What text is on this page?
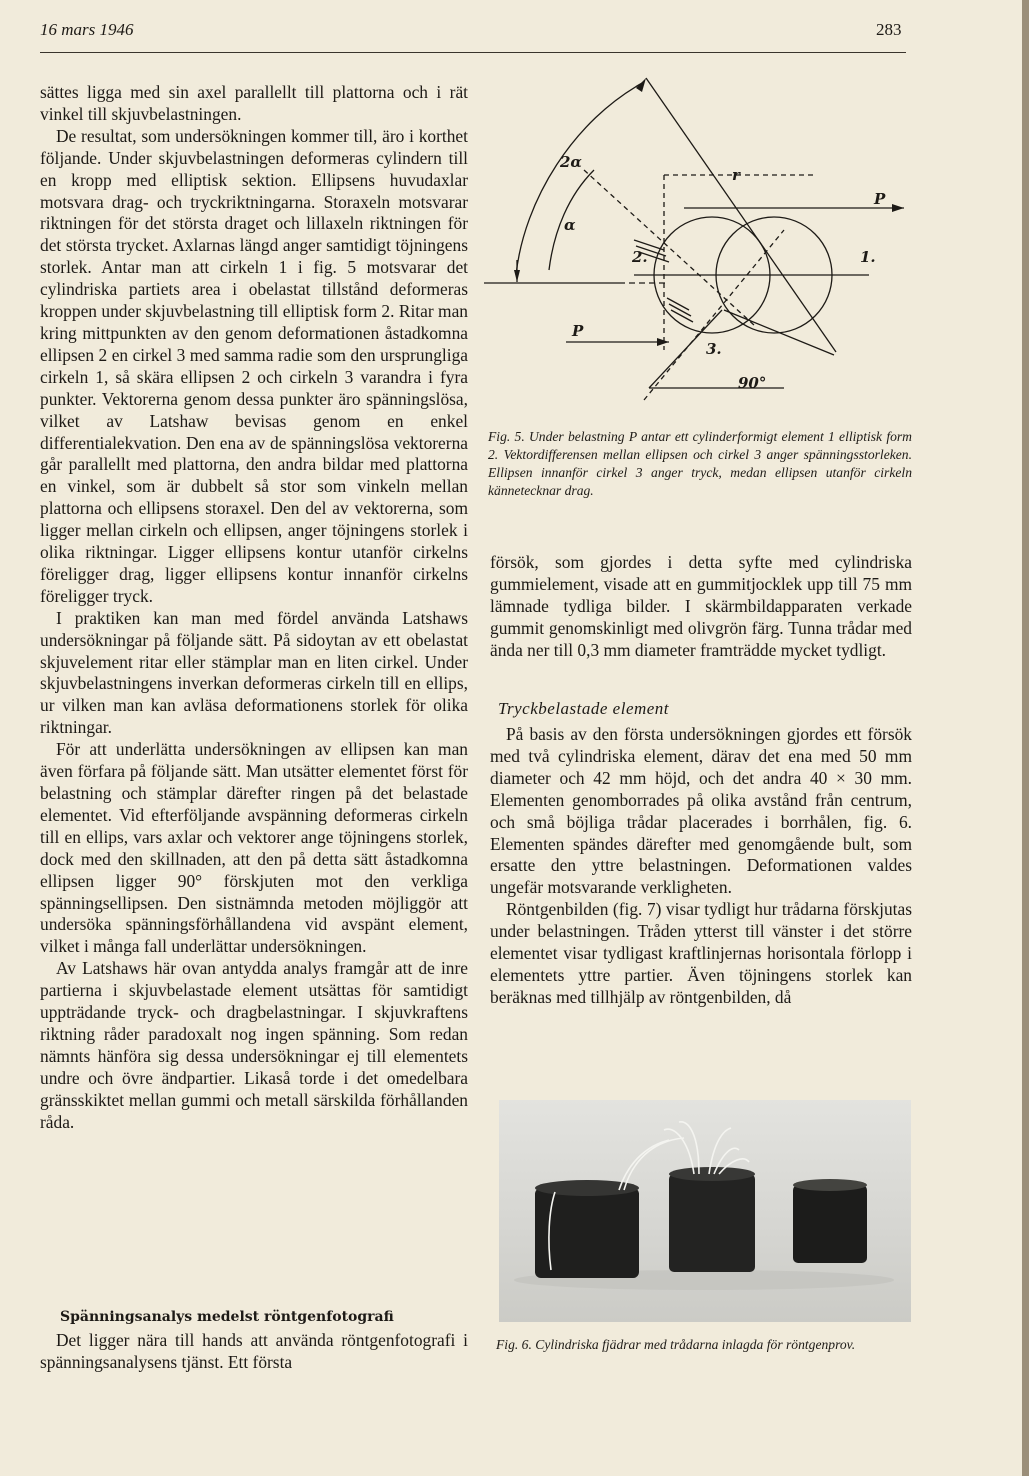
16 mars 1946	283

sättes ligga med sin axel parallellt till plattorna och i rät vinkel till skjuvbelastningen.

De resultat, som undersökningen kommer till, äro i korthet följande. Under skjuvbelastningen deformeras cylindern till en kropp med elliptisk sektion. Ellipsens huvudaxlar motsvara drag- och tryckriktningarna. Storaxeln motsvarar riktningen för det största draget och lillaxeln riktningen för det största trycket. Axlarnas längd anger samtidigt töjningens storlek. Antar man att cirkeln 1 i fig. 5 motsvarar det cylindriska partiets area i obelastat tillstånd deformeras kroppen under skjuvbelastning till elliptisk form 2. Ritar man kring mittpunkten av den genom deformationen åstadkomna ellipsen 2 en cirkel 3 med samma radie som den ursprungliga cirkeln 1, så skära ellipsen 2 och cirkeln 3 varandra i fyra punkter. Vektorerna genom dessa punkter äro spänningslösa, vilket av Latshaw bevisas genom en enkel differentialekvation. Den ena av de spänningslösa vektorerna går parallellt med plattorna, den andra bildar med plattorna en vinkel, som är dubbelt så stor som vinkeln mellan plattorna och ellipsens storaxel. Den del av vektorerna, som ligger mellan cirkeln och ellipsen, anger töjningens storlek i olika riktningar. Ligger ellipsens kontur utanför cirkelns föreligger drag, ligger ellipsens kontur innanför cirkelns föreligger tryck.

I praktiken kan man med fördel använda Latshaws undersökningar på följande sätt. På sidoytan av ett obelastat skjuvelement ritar eller stämplar man en liten cirkel. Under skjuvbelastningens inverkan deformeras cirkeln till en ellips, ur vilken man kan avläsa deformationens storlek för olika riktningar.

För att underlätta undersökningen av ellipsen kan man även förfara på följande sätt. Man utsätter elementet först för belastning och stämplar därefter ringen på det belastade elementet. Vid efterföljande avspänning deformeras cirkeln till en ellips, vars axlar och vektorer ange töjningens storlek, dock med den skillnaden, att den på detta sätt åstadkomna ellipsen ligger 90° förskjuten mot den verkliga spänningsellipsen. Den sistnämnda metoden möjliggör att undersöka spänningsförhållandena vid avspänt element, vilket i många fall underlättar undersökningen.

Av Latshaws här ovan antydda analys framgår att de inre partierna i skjuvbelastade element utsättas för samtidigt uppträdande tryck- och dragbelastningar. I skjuvkraftens riktning råder paradoxalt nog ingen spänning. Som redan nämnts hänföra sig dessa undersökningar ej till elementets undre och övre ändpartier. Likaså torde i det omedelbara gränsskiktet mellan gummi och metall särskilda förhållanden råda.

Spänningsanalys medelst röntgenfotografi

Det ligger nära till hands att använda röntgenfotografi i spänningsanalysens tjänst. Ett första

2α
α
r
P
P
1.
2.
3.
90°
Fig. 5. Under belastning P antar ett cylinderformigt element 1 elliptisk form 2. Vektordifferensen mellan ellipsen och cirkel 3 anger spänningsstorleken. Ellipsen innanför cirkel 3 anger tryck, medan ellipsen utanför cirkeln kännetecknar drag.

försök, som gjordes i detta syfte med cylindriska gummielement, visade att en gummitjocklek upp till 75 mm lämnade tydliga bilder. I skärmbildapparaten verkade gummit genomskinligt med olivgrön färg. Tunna trådar med ända ner till 0,3 mm diameter framträdde mycket tydligt.

Tryckbelastade element

På basis av den första undersökningen gjordes ett försök med två cylindriska element, därav det ena med 50 mm diameter och 42 mm höjd, och det andra 40 × 30 mm. Elementen genomborrades på olika avstånd från centrum, och små böjliga trådar placerades i borrhålen, fig. 6. Elementen spändes därefter med genomgående bult, som ersatte den yttre belastningen. Deformationen valdes ungefär motsvarande verkligheten.

Röntgenbilden (fig. 7) visar tydligt hur trådarna förskjutas under belastningen. Tråden ytterst till vänster i det större elementet visar tydligast kraftlinjernas horisontala förlopp i elementets yttre partier. Även töjningens storlek kan beräknas med tillhjälp av röntgenbilden, då

Fig. 6. Cylindriska fjädrar med trådarna inlagda för röntgenprov.
